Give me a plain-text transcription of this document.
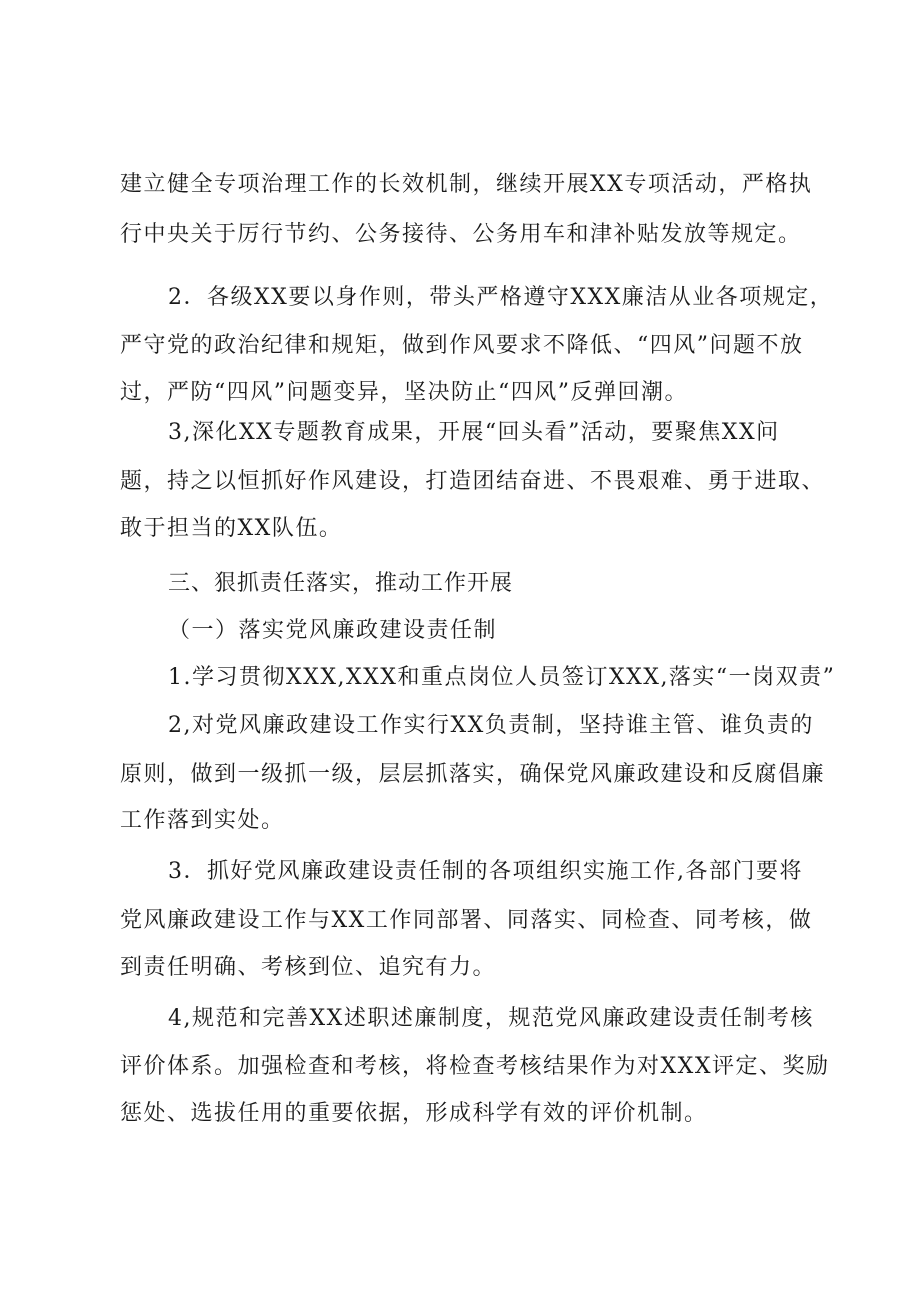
建立健全专项治理工作的长效机制，继续开展XX专项活动，严格执
行中央关于厉行节约、公务接待、公务用车和津补贴发放等规定。
2．各级XX要以身作则，带头严格遵守XXX廉洁从业各项规定，
严守党的政治纪律和规矩，做到作风要求不降低、“四风”问题不放
过，严防“四风”问题变异，坚决防止“四风”反弹回潮。
3,深化XX专题教育成果，开展“回头看”活动，要聚焦XX问
题，持之以恒抓好作风建设，打造团结奋进、不畏艰难、勇于进取、
敢于担当的XX队伍。
三、狠抓责任落实，推动工作开展
（一）落实党风廉政建设责任制
1.学习贯彻XXX,XXX和重点岗位人员签订XXX,落实“一岗双责”
2,对党风廉政建设工作实行XX负责制，坚持谁主管、谁负责的
原则，做到一级抓一级，层层抓落实，确保党风廉政建设和反腐倡廉
工作落到实处。
3．抓好党风廉政建设责任制的各项组织实施工作,各部门要将
党风廉政建设工作与XX工作同部署、同落实、同检查、同考核，做
到责任明确、考核到位、追究有力。
4,规范和完善XX述职述廉制度，规范党风廉政建设责任制考核
评价体系。加强检查和考核，将检查考核结果作为对XXX评定、奖励
惩处、选拔任用的重要依据，形成科学有效的评价机制。
